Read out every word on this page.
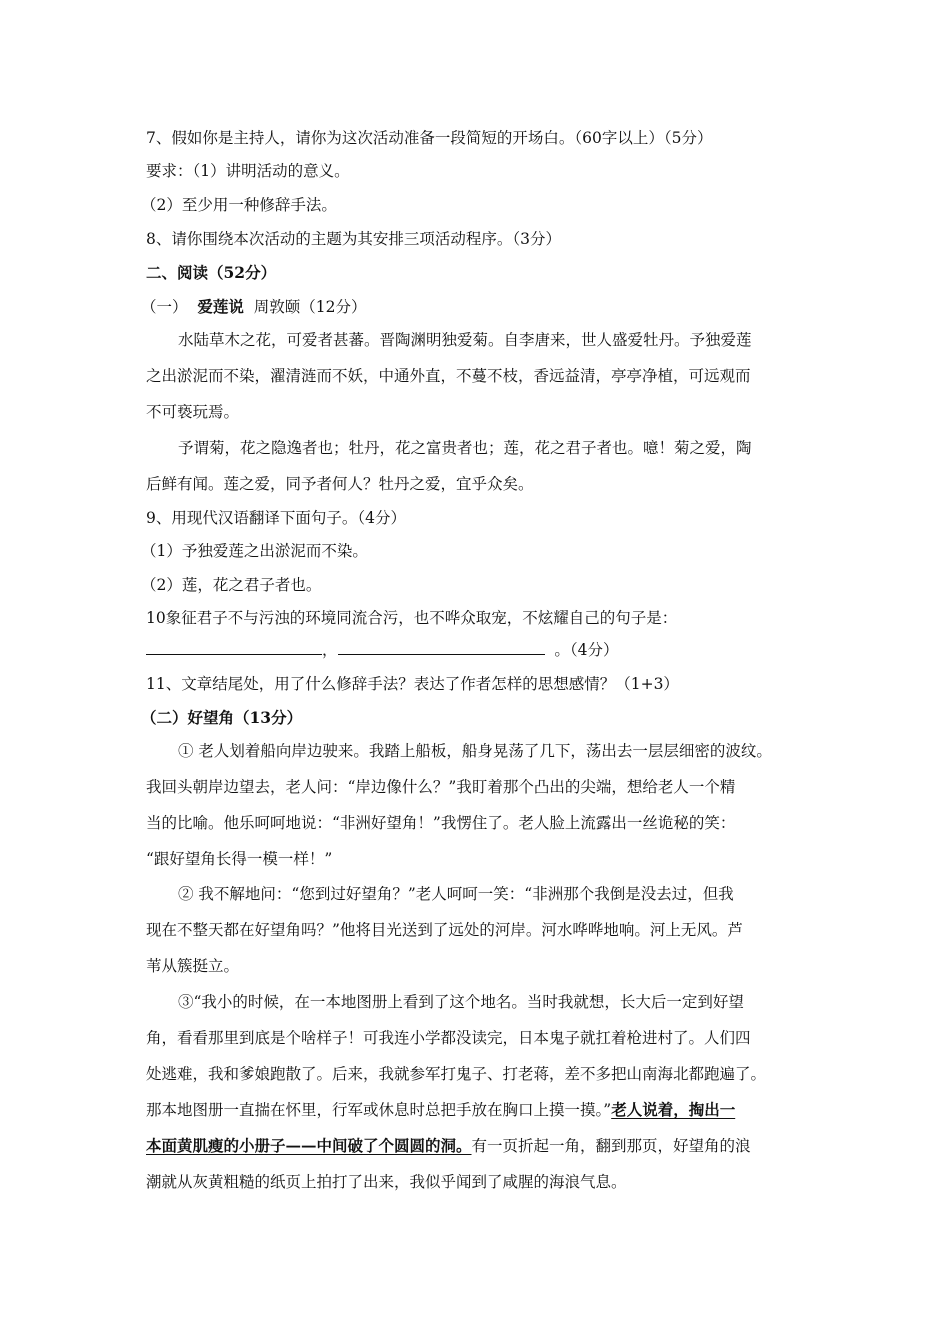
7、假如你是主持人，请你为这次活动准备一段简短的开场白。（60字以上）（5分）
要求：（1）讲明活动的意义。
（2）至少用一种修辞手法。
8、请你围绕本次活动的主题为其安排三项活动程序。（3分）
二、阅读（52分）
（一） 爱莲说 周敦颐（12分）
水陆草木之花，可爱者甚蕃。晋陶渊明独爱菊。自李唐来，世人盛爱牡丹。予独爱莲
之出淤泥而不染，濯清涟而不妖，中通外直，不蔓不枝，香远益清，亭亭净植，可远观而
不可亵玩焉。
予谓菊，花之隐逸者也；牡丹，花之富贵者也；莲，花之君子者也。噫！菊之爱，陶
后鲜有闻。莲之爱，同予者何人？牡丹之爱，宜乎众矣。
9、用现代汉语翻译下面句子。（4分）
（1）予独爱莲之出淤泥而不染。
（2）莲，花之君子者也。
10象征君子不与污浊的环境同流合污，也不哗众取宠，不炫耀自己的句子是：
，	。（4分）
11、文章结尾处，用了什么修辞手法？表达了作者怎样的思想感情？（1+3）
（二）好望角（13分）
① 老人划着船向岸边驶来。我踏上船板，船身晃荡了几下，荡出去一层层细密的波纹。
我回头朝岸边望去，老人问：“岸边像什么？”我盯着那个凸出的尖端，想给老人一个精
当的比喻。他乐呵呵地说：“非洲好望角！”我愣住了。老人脸上流露出一丝诡秘的笑：
“跟好望角长得一模一样！”
② 我不解地问：“您到过好望角？”老人呵呵一笑：“非洲那个我倒是没去过，但我
现在不整天都在好望角吗？”他将目光送到了远处的河岸。河水哗哗地响。河上无风。芦
苇从簇挺立。
③“我小的时候，在一本地图册上看到了这个地名。当时我就想，长大后一定到好望
角，看看那里到底是个啥样子！可我连小学都没读完，日本鬼子就扛着枪进村了。人们四
处逃难，我和爹娘跑散了。后来，我就参军打鬼子、打老蒋，差不多把山南海北都跑遍了。
那本地图册一直揣在怀里，行军或休息时总把手放在胸口上摸一摸。”老人说着，掏出一
本面黄肌瘦的小册子——中间破了个圆圆的洞。有一页折起一角，翻到那页，好望角的浪
潮就从灰黄粗糙的纸页上拍打了出来，我似乎闻到了咸腥的海浪气息。
